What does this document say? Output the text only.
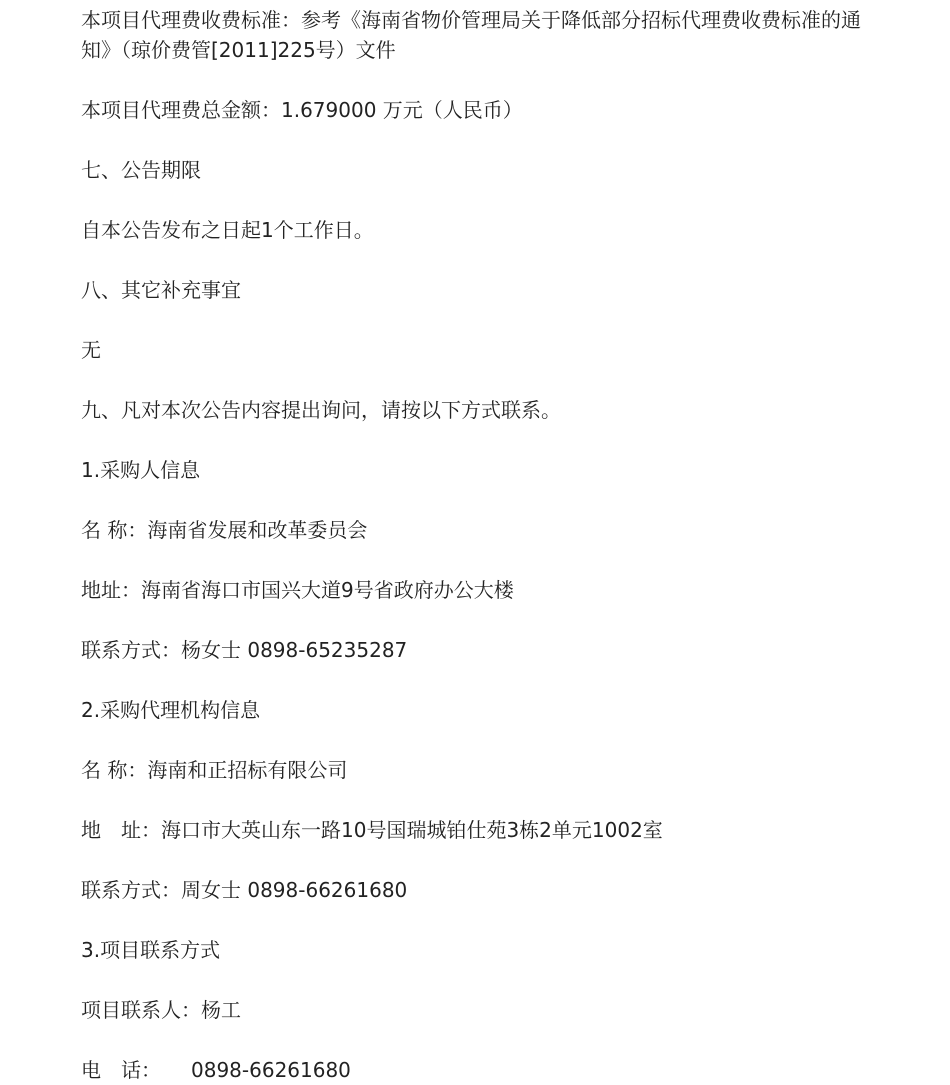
本项目代理费收费标准：参考《海南省物价管理局关于降低部分招标代理费收费标准的通知》（琼价费管[2011]225号）文件

本项目代理费总金额：1.679000 万元（人民币）

七、公告期限

自本公告发布之日起1个工作日。

八、其它补充事宜

无

九、凡对本次公告内容提出询问，请按以下方式联系。

1.采购人信息

名 称：海南省发展和改革委员会

地址：海南省海口市国兴大道9号省政府办公大楼

联系方式：杨女士 0898-65235287

2.采购代理机构信息

名 称：海南和正招标有限公司

地　址：海口市大英山东一路10号国瑞城铂仕苑3栋2单元1002室

联系方式：周女士 0898-66261680

3.项目联系方式

项目联系人：杨工

电　话：　　0898-66261680
